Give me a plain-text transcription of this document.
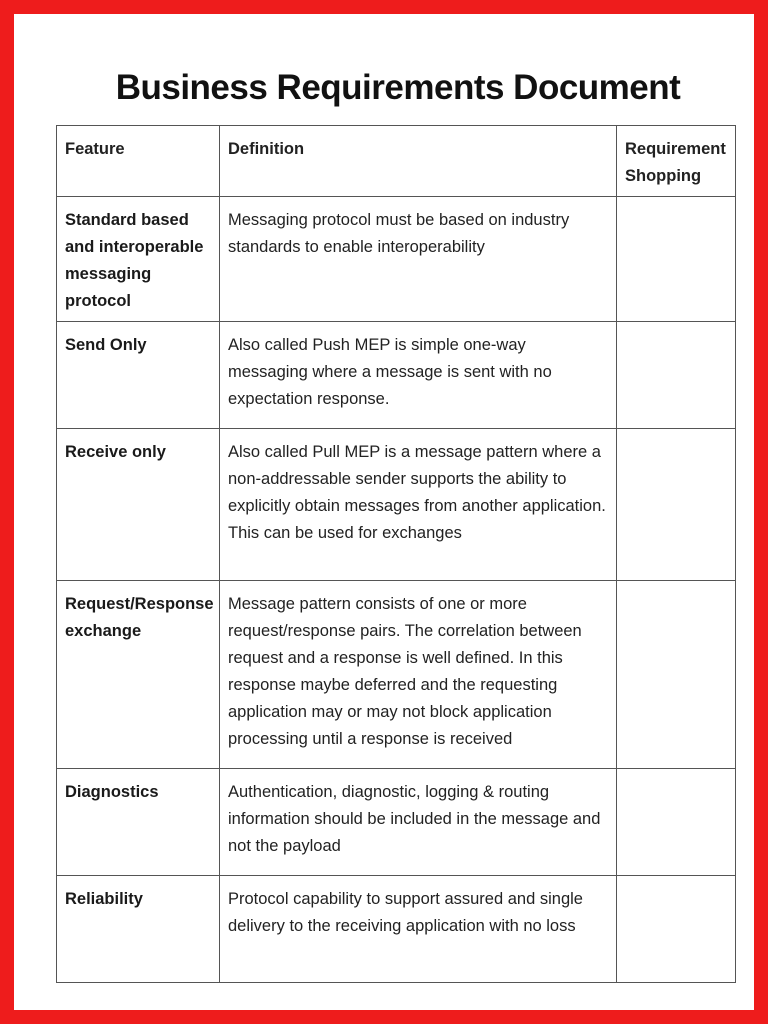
Business Requirements Document
Feature	Definition	Requirement Shopping
Standard based and interoperable messaging protocol	Messaging protocol must be based on industry standards to enable interoperability	
Send Only	Also called Push MEP is simple one-way messaging where a message is sent with no expectation response.	
Receive only	Also called Pull MEP is a message pattern where a non-addressable sender supports the ability to explicitly obtain messages from another application. This can be used for exchanges	
Request/Response exchange	Message pattern consists of one or more request/response pairs. The correlation between request and a response is well defined. In this response maybe deferred and the requesting application may or may not block application processing until a response is received	
Diagnostics	Authentication, diagnostic, logging & routing information should be included in the message and not the payload	
Reliability	Protocol capability to support assured and single delivery to the receiving application with no loss	
